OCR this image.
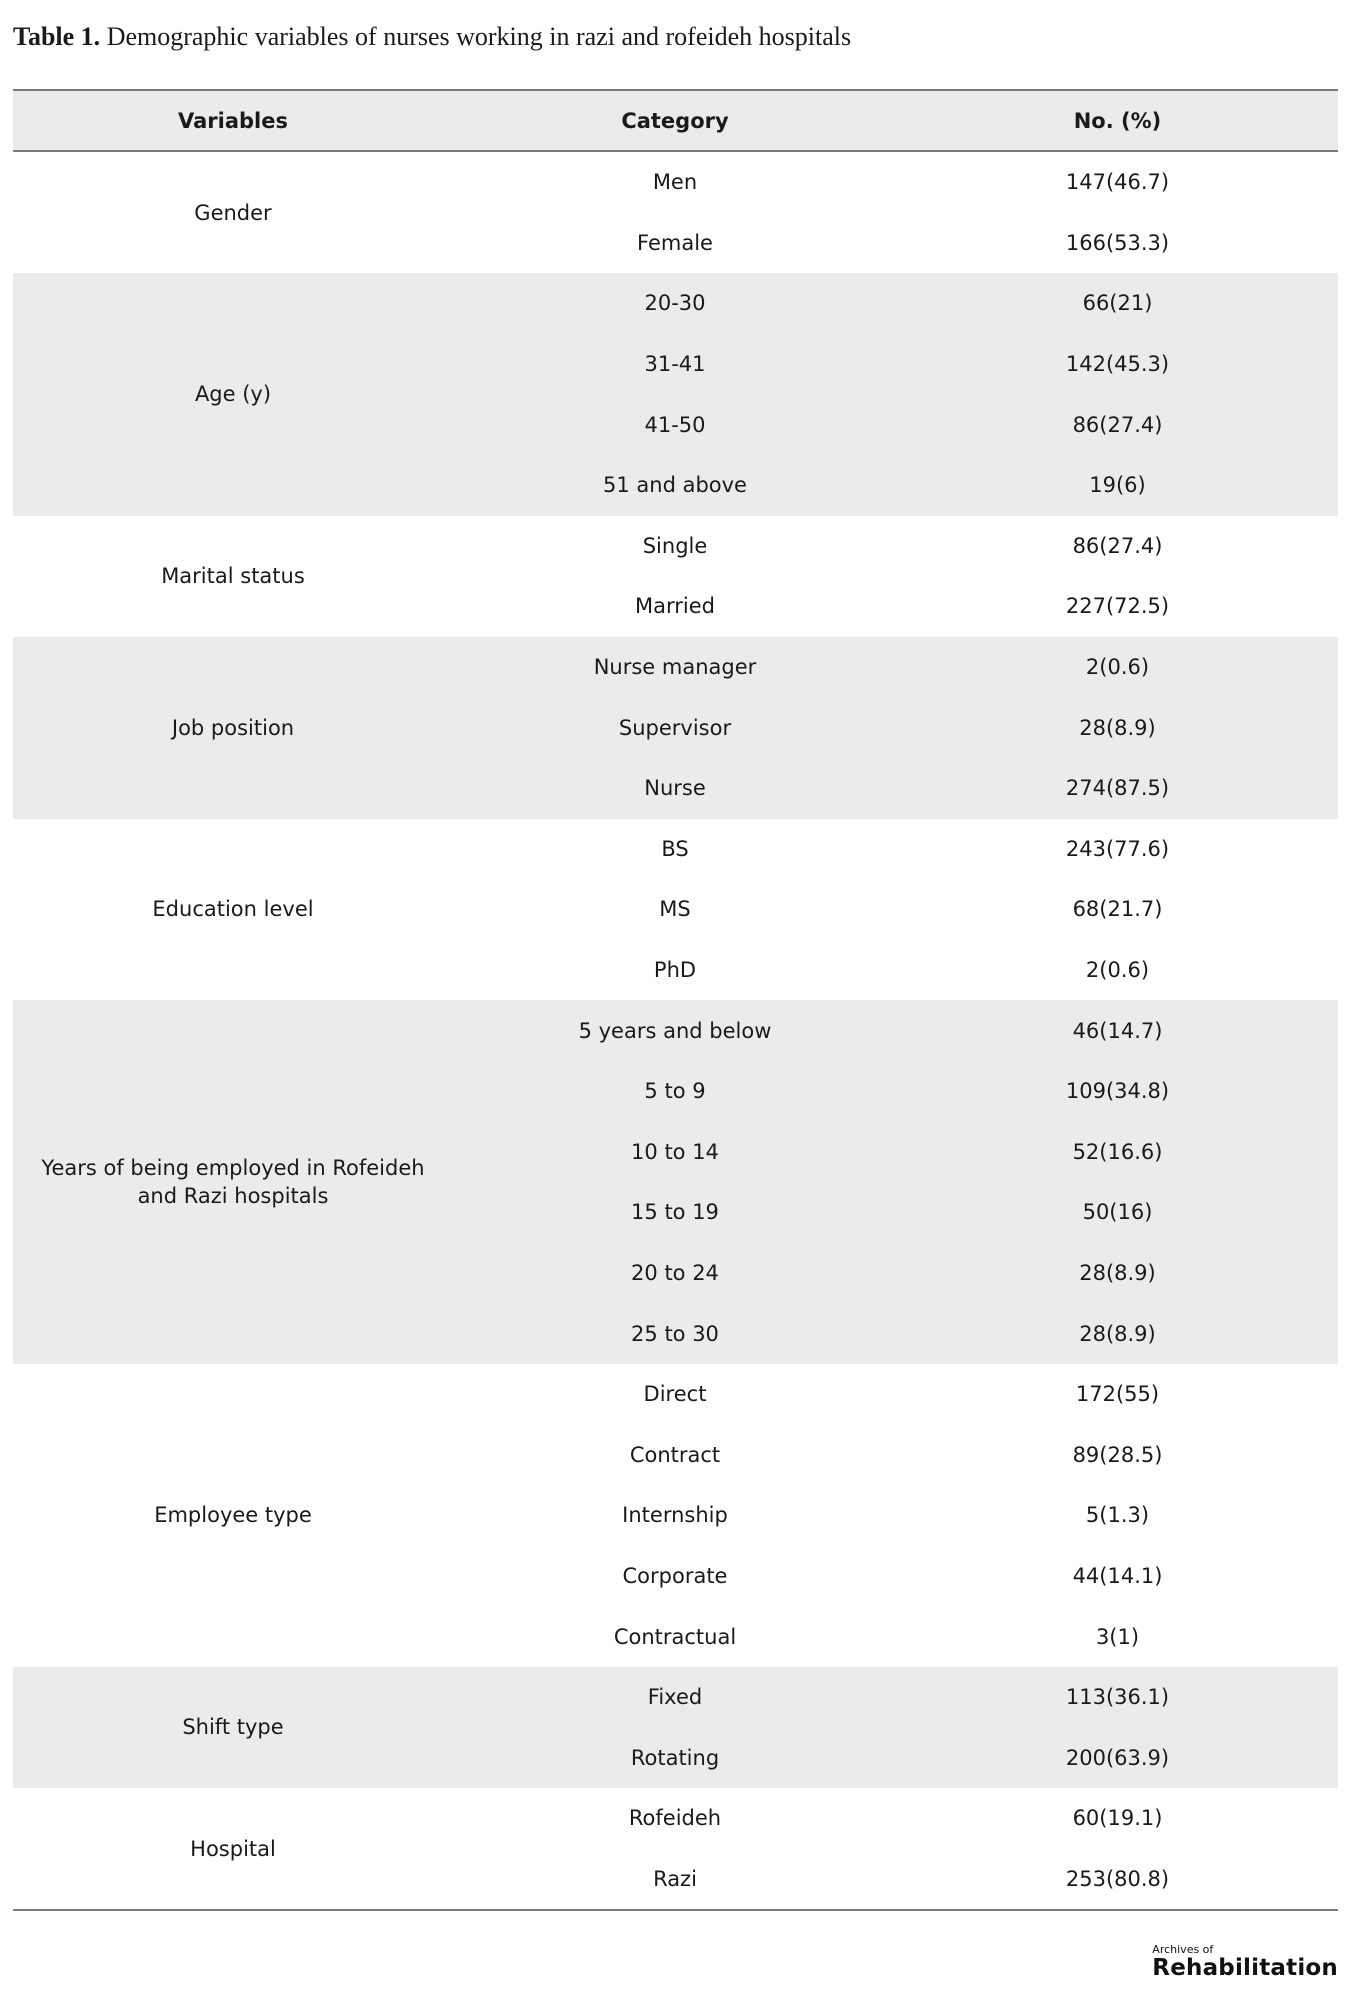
Table 1. Demographic variables of nurses working in razi and rofeideh hospitals
Variables	Category	No. (%)
Gender
Men	147(46.7)
Female	166(53.3)
Age (y)
20-30	66(21)
31-41	142(45.3)
41-50	86(27.4)
51 and above	19(6)
Marital status
Single	86(27.4)
Married	227(72.5)
Job position
Nurse manager	2(0.6)
Supervisor	28(8.9)
Nurse	274(87.5)
Education level
BS	243(77.6)
MS	68(21.7)
PhD	2(0.6)
Years of being employed in Rofeideh and Razi hospitals
5 years and below	46(14.7)
5 to 9	109(34.8)
10 to 14	52(16.6)
15 to 19	50(16)
20 to 24	28(8.9)
25 to 30	28(8.9)
Employee type
Direct	172(55)
Contract	89(28.5)
Internship	5(1.3)
Corporate	44(14.1)
Contractual	3(1)
Shift type
Fixed	113(36.1)
Rotating	200(63.9)
Hospital
Rofeideh	60(19.1)
Razi	253(80.8)
Archives of
Rehabilitation
